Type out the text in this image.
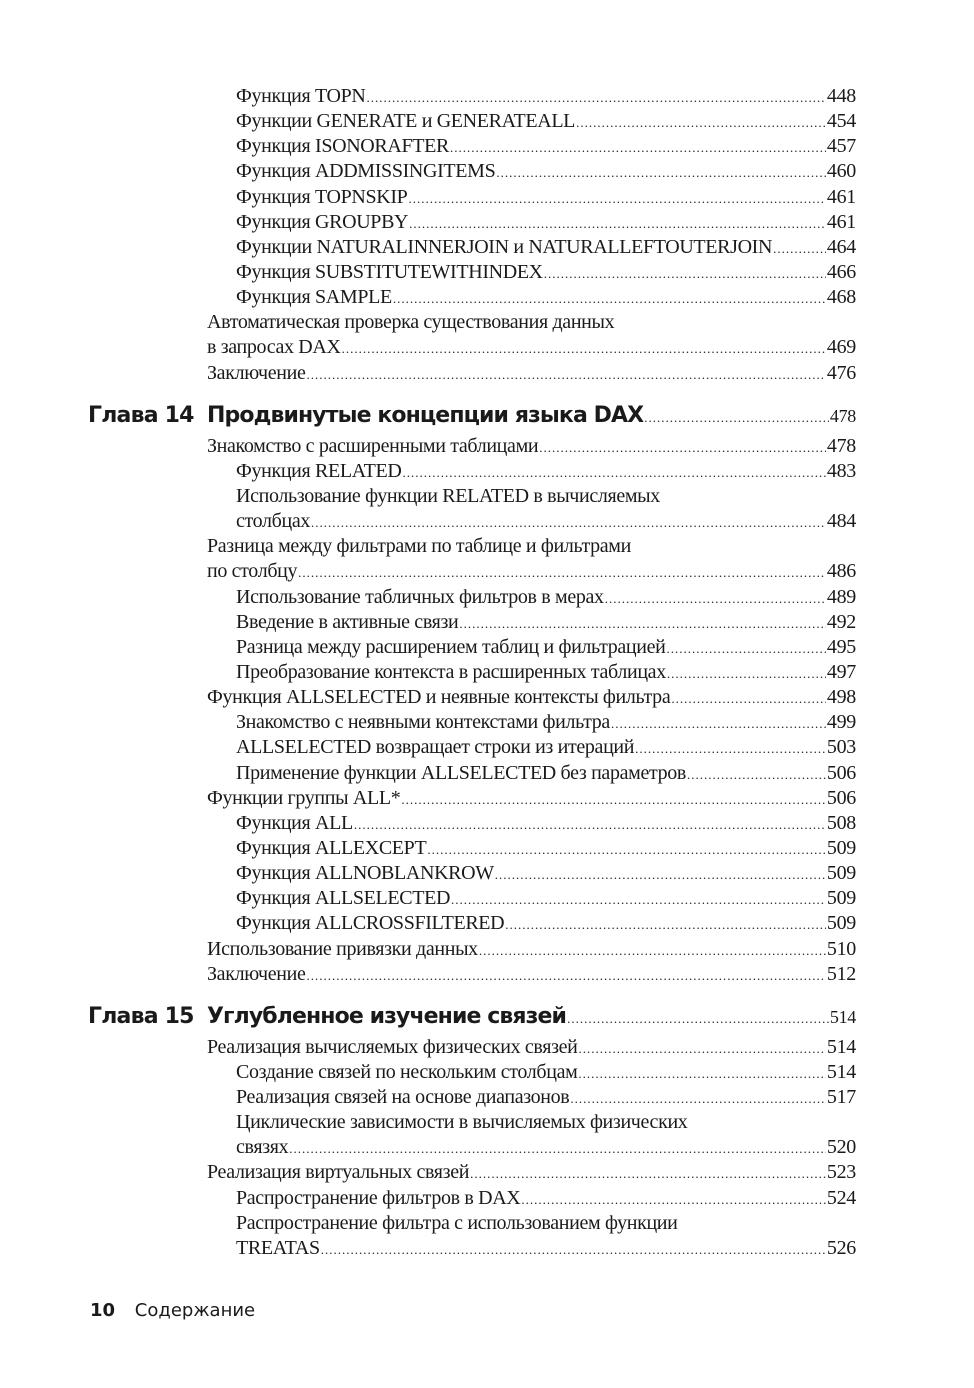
Функция TOPN .....	448
Функции GENERATE и GENERATEALL .....	454
Функция ISONORAFTER .....	457
Функция ADDMISSINGITEMS .....	460
Функция TOPNSKIP .....	461
Функция GROUPBY .....	461
Функции NATURALINNERJOIN и NATURALLEFTOUTERJOIN .....	464
Функция SUBSTITUTEWITHINDEX .....	466
Функция SAMPLE .....	468
Автоматическая проверка существования данных
в запросах DAX .....	469
Заключение .....	476
Глава 14 Продвинутые концепции языка DAX .....	478
Знакомство с расширенными таблицами .....	478
Функция RELATED .....	483
Использование функции RELATED в вычисляемых
столбцах .....	484
Разница между фильтрами по таблице и фильтрами
по столбцу .....	486
Использование табличных фильтров в мерах .....	489
Введение в активные связи .....	492
Разница между расширением таблиц и фильтрацией .....	495
Преобразование контекста в расширенных таблицах .....	497
Функция ALLSELECTED и неявные контексты фильтра .....	498
Знакомство с неявными контекстами фильтра .....	499
ALLSELECTED возвращает строки из итераций .....	503
Применение функции ALLSELECTED без параметров .....	506
Функции группы ALL* .....	506
Функция ALL .....	508
Функция ALLEXCEPT .....	509
Функция ALLNOBLANKROW .....	509
Функция ALLSELECTED .....	509
Функция ALLCROSSFILTERED .....	509
Использование привязки данных .....	510
Заключение .....	512
Глава 15 Углубленное изучение связей .....	514
Реализация вычисляемых физических связей .....	514
Создание связей по нескольким столбцам .....	514
Реализация связей на основе диапазонов .....	517
Циклические зависимости в вычисляемых физических
связях .....	520
Реализация виртуальных связей .....	523
Распространение фильтров в DAX .....	524
Распространение фильтра с использованием функции
TREATAS .....	526
10 Содержание
